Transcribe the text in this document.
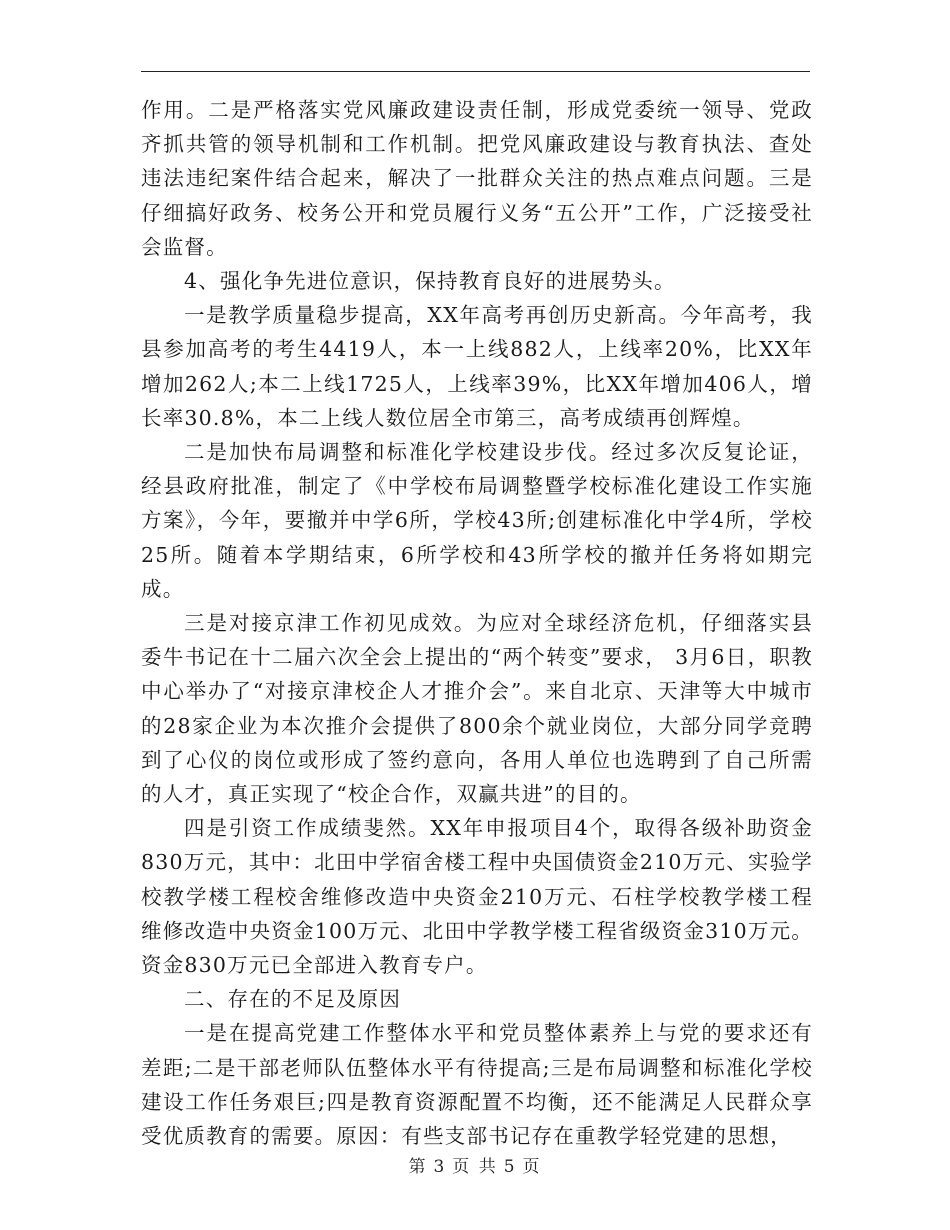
作用。二是严格落实党风廉政建设责任制，形成党委统一领导、党政齐抓共管的领导机制和工作机制。把党风廉政建设与教育执法、查处违法违纪案件结合起来，解决了一批群众关注的热点难点问题。三是仔细搞好政务、校务公开和党员履行义务“五公开”工作，广泛接受社会监督。

4、强化争先进位意识，保持教育良好的进展势头。

一是教学质量稳步提高，XX年高考再创历史新高。今年高考，我县参加高考的考生4419人，本一上线882人，上线率20%，比XX年增加262人;本二上线1725人，上线率39%，比XX年增加406人，增长率30.8%，本二上线人数位居全市第三，高考成绩再创辉煌。

二是加快布局调整和标准化学校建设步伐。经过多次反复论证，经县政府批准，制定了《中学校布局调整暨学校标准化建设工作实施方案》，今年，要撤并中学6所，学校43所;创建标准化中学4所，学校25所。随着本学期结束，6所学校和43所学校的撤并任务将如期完成。

三是对接京津工作初见成效。为应对全球经济危机，仔细落实县委牛书记在十二届六次全会上提出的“两个转变”要求， 3月6日，职教中心举办了“对接京津校企人才推介会”。来自北京、天津等大中城市的28家企业为本次推介会提供了800余个就业岗位，大部分同学竞聘到了心仪的岗位或形成了签约意向，各用人单位也选聘到了自己所需的人才，真正实现了“校企合作，双赢共进”的目的。

四是引资工作成绩斐然。XX年申报项目4个，取得各级补助资金830万元，其中：北田中学宿舍楼工程中央国债资金210万元、实验学校教学楼工程校舍维修改造中央资金210万元、石柱学校教学楼工程维修改造中央资金100万元、北田中学教学楼工程省级资金310万元。资金830万元已全部进入教育专户。

二、存在的不足及原因

一是在提高党建工作整体水平和党员整体素养上与党的要求还有差距;二是干部老师队伍整体水平有待提高;三是布局调整和标准化学校建设工作任务艰巨;四是教育资源配置不均衡，还不能满足人民群众享受优质教育的需要。原因：有些支部书记存在重教学轻党建的思想，

第 3 页 共 5 页
